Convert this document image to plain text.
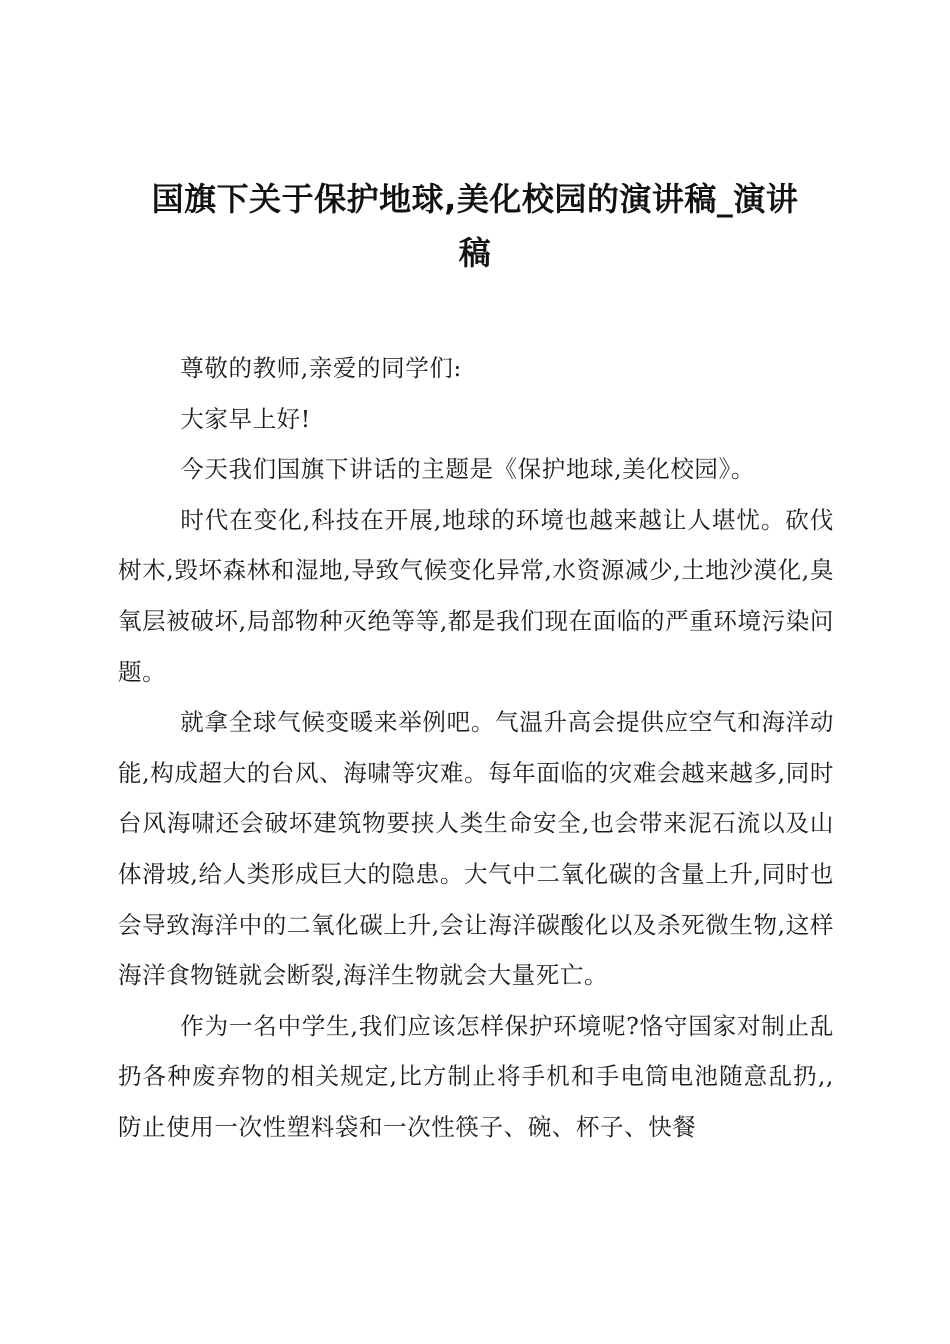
国旗下关于保护地球,美化校园的演讲稿_演讲稿

尊敬的教师,亲爱的同学们:

大家早上好!

今天我们国旗下讲话的主题是《保护地球,美化校园》。

时代在变化,科技在开展,地球的环境也越来越让人堪忧。砍伐树木,毁坏森林和湿地,导致气候变化异常,水资源减少,土地沙漠化,臭氧层被破坏,局部物种灭绝等等,都是我们现在面临的严重环境污染问题。

就拿全球气候变暖来举例吧。气温升高会提供应空气和海洋动能,构成超大的台风、海啸等灾难。每年面临的灾难会越来越多,同时台风海啸还会破坏建筑物要挟人类生命安全,也会带来泥石流以及山体滑坡,给人类形成巨大的隐患。大气中二氧化碳的含量上升,同时也会导致海洋中的二氧化碳上升,会让海洋碳酸化以及杀死微生物,这样海洋食物链就会断裂,海洋生物就会大量死亡。

作为一名中学生,我们应该怎样保护环境呢?恪守国家对制止乱扔各种废弃物的相关规定,比方制止将手机和手电筒电池随意乱扔,,防止使用一次性塑料袋和一次性筷子、碗、杯子、快餐
